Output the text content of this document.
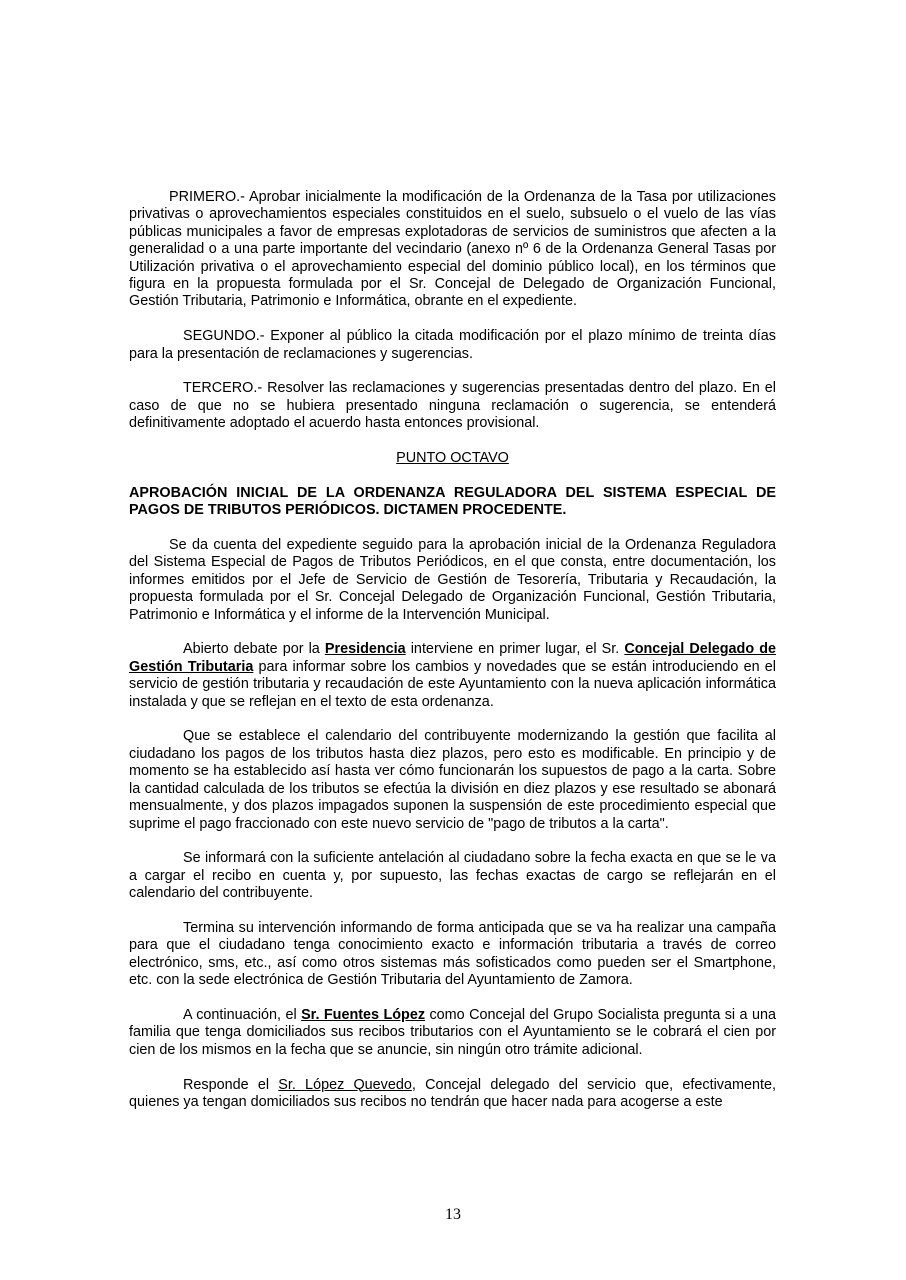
PRIMERO.- Aprobar inicialmente la modificación de la Ordenanza de la Tasa por utilizaciones privativas o aprovechamientos especiales constituidos en el suelo, subsuelo o el vuelo de las vías públicas municipales a favor de empresas explotadoras de servicios de suministros que afecten a la generalidad o a una parte importante del vecindario (anexo nº 6 de la Ordenanza General Tasas por Utilización privativa o el aprovechamiento especial del dominio público local), en los términos que figura en la propuesta formulada por el Sr. Concejal de Delegado de Organización Funcional, Gestión Tributaria, Patrimonio e Informática, obrante en el expediente.

SEGUNDO.- Exponer al público la citada modificación por el plazo mínimo de treinta días para la presentación de reclamaciones y sugerencias.

TERCERO.- Resolver las reclamaciones y sugerencias presentadas dentro del plazo. En el caso de que no se hubiera presentado ninguna reclamación o sugerencia, se entenderá definitivamente adoptado el acuerdo hasta entonces provisional.

PUNTO OCTAVO

APROBACIÓN INICIAL DE LA ORDENANZA REGULADORA DEL SISTEMA ESPECIAL DE PAGOS DE TRIBUTOS PERIÓDICOS. DICTAMEN PROCEDENTE.

Se da cuenta del expediente seguido para la aprobación inicial de la Ordenanza Reguladora del Sistema Especial de Pagos de Tributos Periódicos, en el que consta, entre documentación, los informes emitidos por el Jefe de Servicio de Gestión de Tesorería, Tributaria y Recaudación, la propuesta formulada por el Sr. Concejal Delegado de Organización Funcional, Gestión Tributaria, Patrimonio e Informática y el informe de la Intervención Municipal.

Abierto debate por la Presidencia interviene en primer lugar, el Sr. Concejal Delegado de Gestión Tributaria para informar sobre los cambios y novedades que se están introduciendo en el servicio de gestión tributaria y recaudación de este Ayuntamiento con la nueva aplicación informática instalada y que se reflejan en el texto de esta ordenanza.

Que se establece el calendario del contribuyente modernizando la gestión que facilita al ciudadano los pagos de los tributos hasta diez plazos, pero esto es modificable. En principio y de momento se ha establecido así hasta ver cómo funcionarán los supuestos de pago a la carta. Sobre la cantidad calculada de los tributos se efectúa la división en diez plazos y ese resultado se abonará mensualmente, y dos plazos impagados suponen la suspensión de este procedimiento especial que suprime el pago fraccionado con este nuevo servicio de "pago de tributos a la carta".

Se informará con la suficiente antelación al ciudadano sobre la fecha exacta en que se le va a cargar el recibo en cuenta y, por supuesto, las fechas exactas de cargo se reflejarán en el calendario del contribuyente.

Termina su intervención informando de forma anticipada que se va ha realizar una campaña para que el ciudadano tenga conocimiento exacto e información tributaria a través de correo electrónico, sms, etc., así como otros sistemas más sofisticados como pueden ser el Smartphone, etc. con la sede electrónica de Gestión Tributaria del Ayuntamiento de Zamora.

A continuación, el Sr. Fuentes López como Concejal del Grupo Socialista pregunta si a una familia que tenga domiciliados sus recibos tributarios con el Ayuntamiento se le cobrará el cien por cien de los mismos en la fecha que se anuncie, sin ningún otro trámite adicional.

Responde el Sr. López Quevedo, Concejal delegado del servicio que, efectivamente, quienes ya tengan domiciliados sus recibos no tendrán que hacer nada para acogerse a este

13
